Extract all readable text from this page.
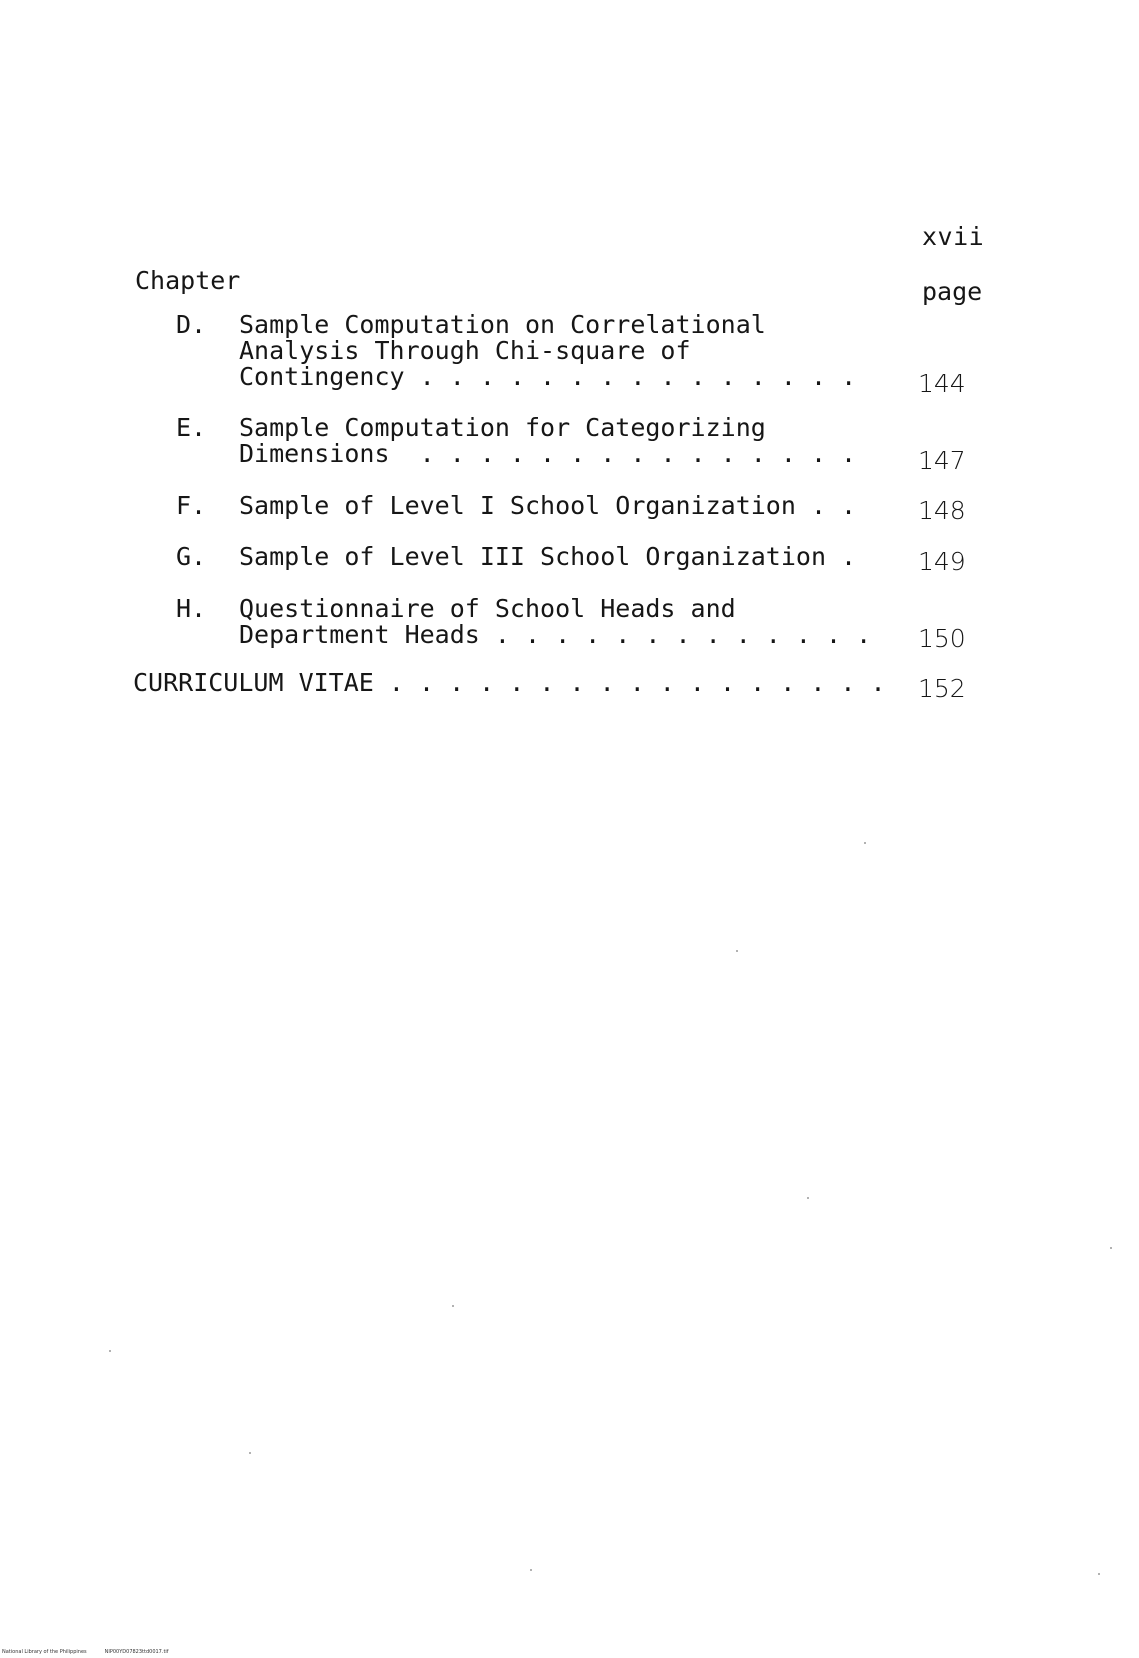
xvii
Chapter	page
D. Sample Computation on Correlational
Analysis Through Chi-square of
Contingency . . . . . . . . . . . . . . . 144
E. Sample Computation for Categorizing
Dimensions  . . . . . . . . . . . . . . . 147
F. Sample of Level I School Organization . . 148
G. Sample of Level III School Organization . 149
H. Questionnaire of School Heads and
Department Heads . . . . . . . . . . . . . 150
CURRICULUM VITAE . . . . . . . . . . . . . . . . . 152
National Library of the Philippines	NIP00YD07823ttd0017.tif
